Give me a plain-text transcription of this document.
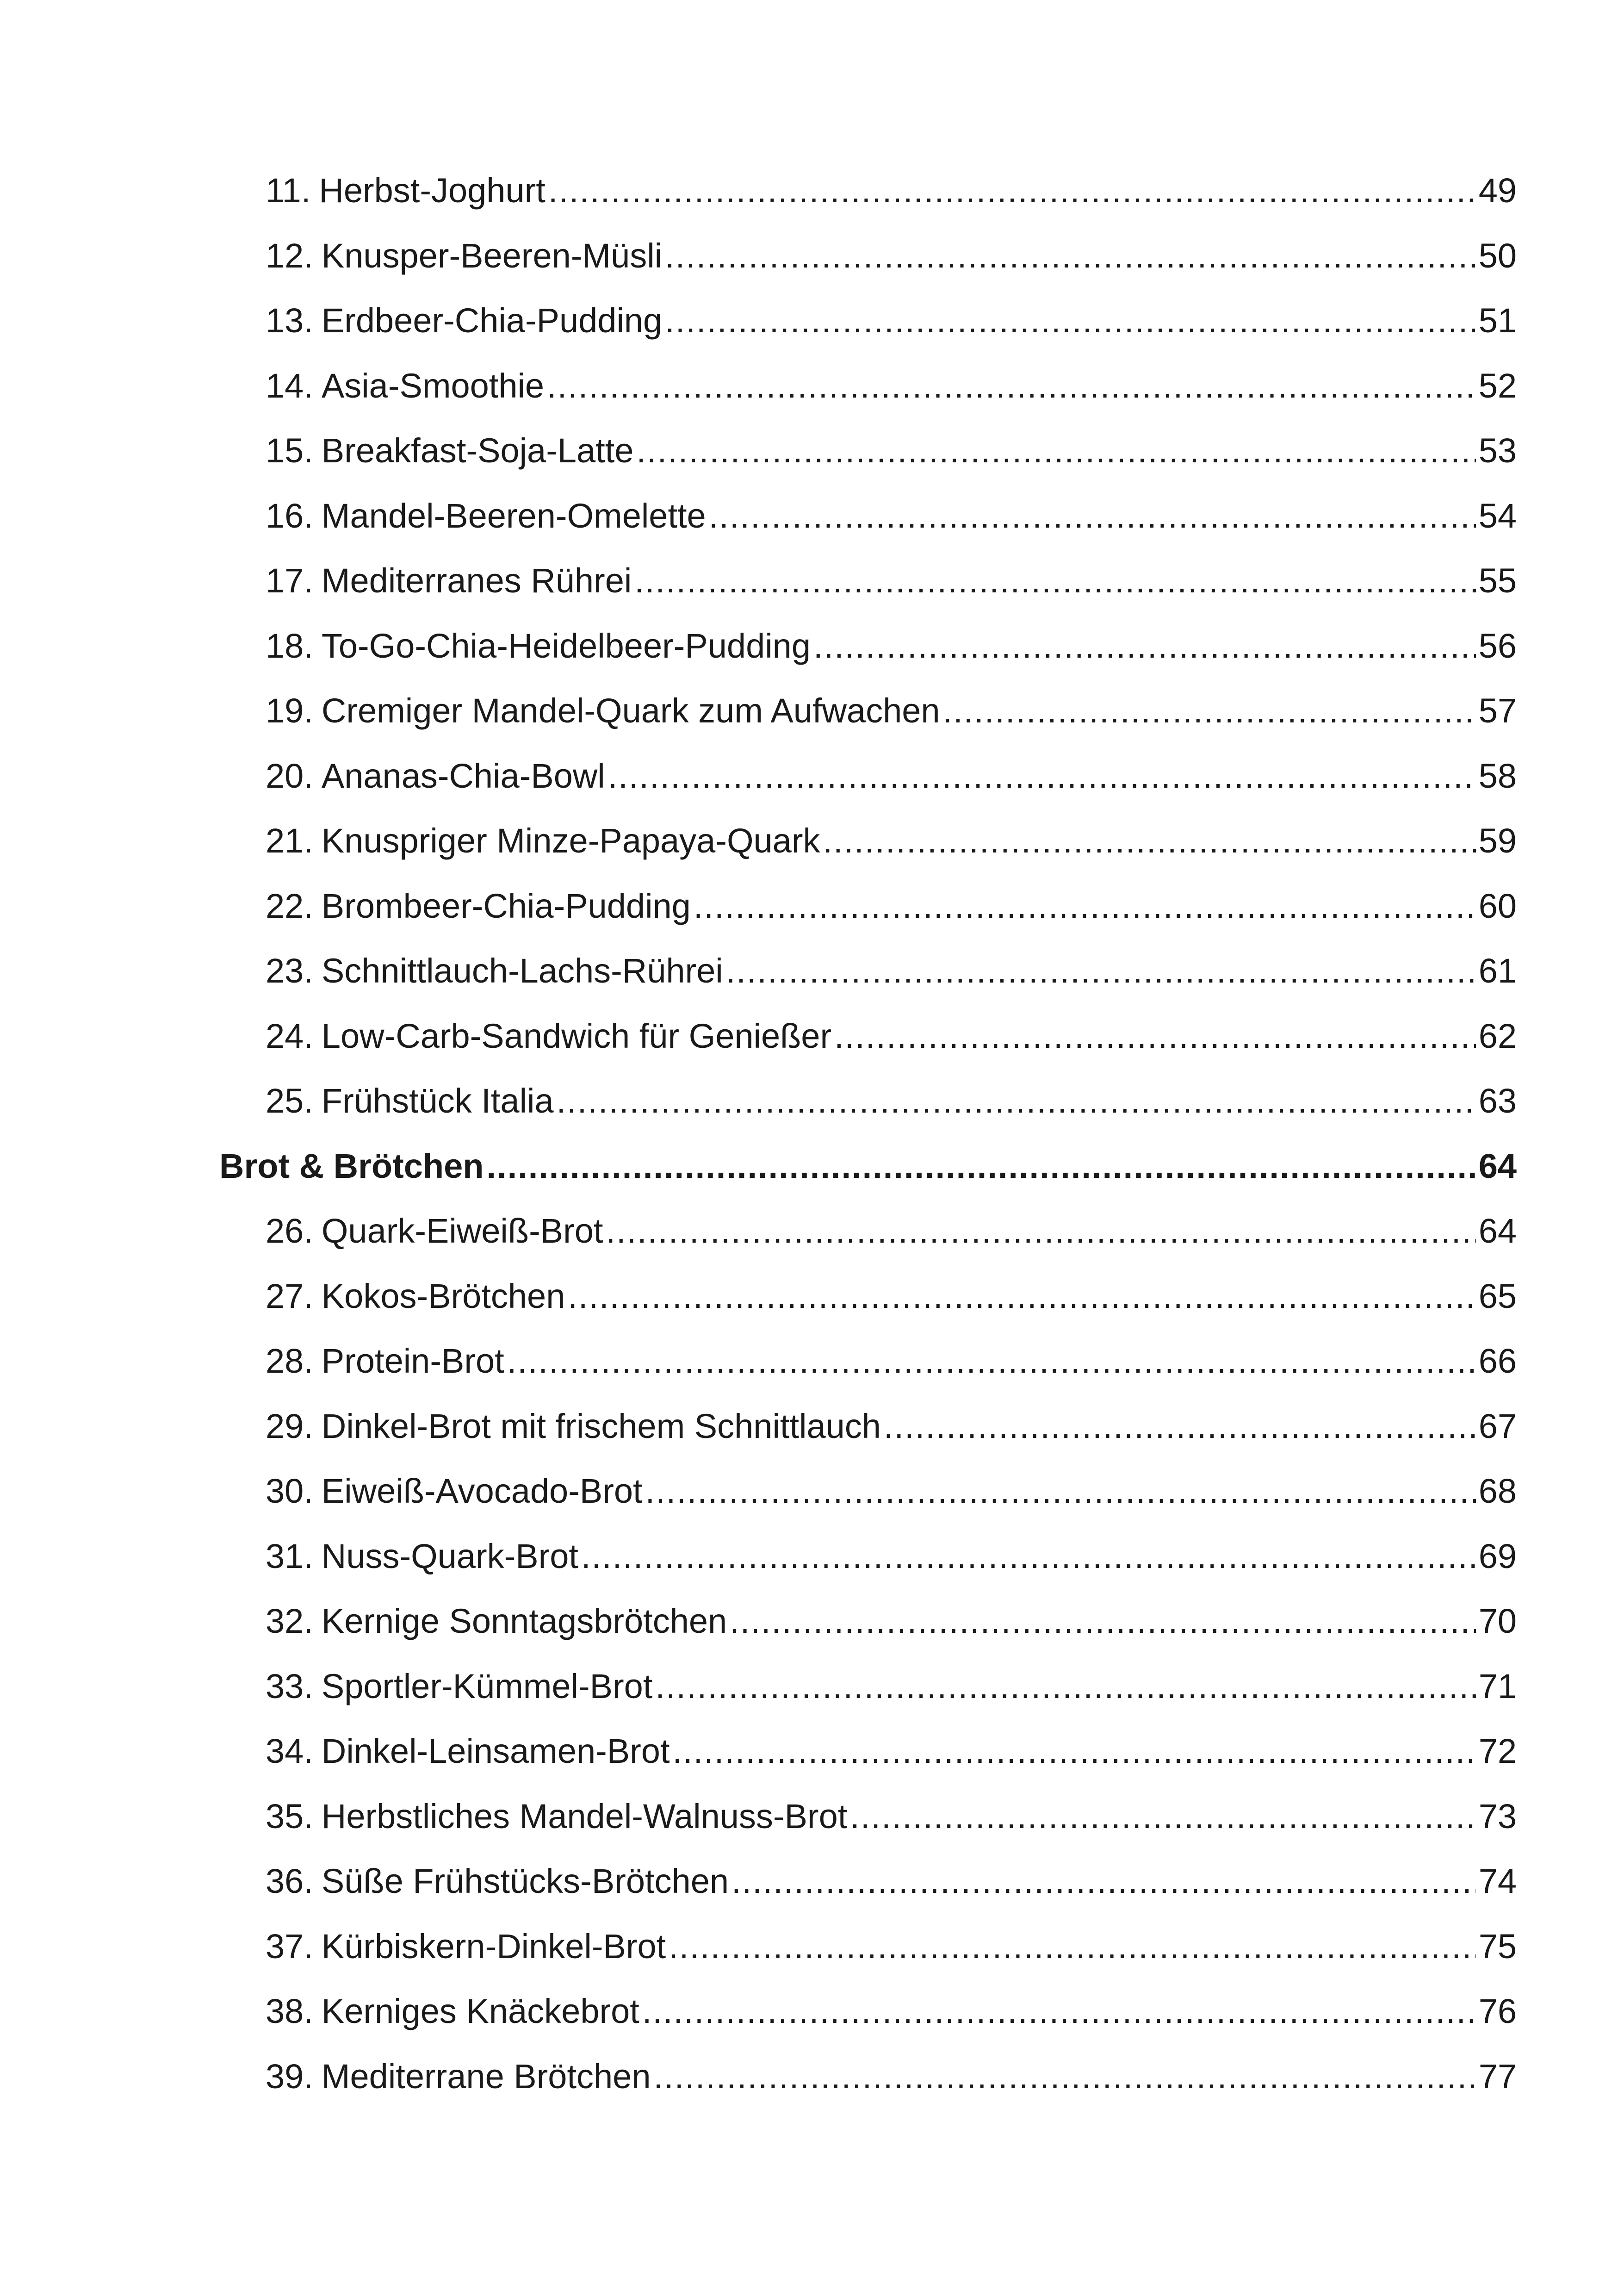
11. Herbst-Joghurt .....	49
12. Knusper-Beeren-Müsli .....	50
13. Erdbeer-Chia-Pudding .....	51
14. Asia-Smoothie .....	52
15. Breakfast-Soja-Latte .....	53
16. Mandel-Beeren-Omelette .....	54
17. Mediterranes Rührei .....	55
18. To-Go-Chia-Heidelbeer-Pudding .....	56
19. Cremiger Mandel-Quark zum Aufwachen .....	57
20. Ananas-Chia-Bowl .....	58
21. Knuspriger Minze-Papaya-Quark .....	59
22. Brombeer-Chia-Pudding .....	60
23. Schnittlauch-Lachs-Rührei .....	61
24. Low-Carb-Sandwich für Genießer .....	62
25. Frühstück Italia .....	63
Brot & Brötchen .....	64
26. Quark-Eiweiß-Brot .....	64
27. Kokos-Brötchen .....	65
28. Protein-Brot .....	66
29. Dinkel-Brot mit frischem Schnittlauch .....	67
30. Eiweiß-Avocado-Brot .....	68
31. Nuss-Quark-Brot .....	69
32. Kernige Sonntagsbrötchen .....	70
33. Sportler-Kümmel-Brot .....	71
34. Dinkel-Leinsamen-Brot .....	72
35. Herbstliches Mandel-Walnuss-Brot .....	73
36. Süße Frühstücks-Brötchen .....	74
37. Kürbiskern-Dinkel-Brot .....	75
38. Kerniges Knäckebrot .....	76
39. Mediterrane Brötchen .....	77
